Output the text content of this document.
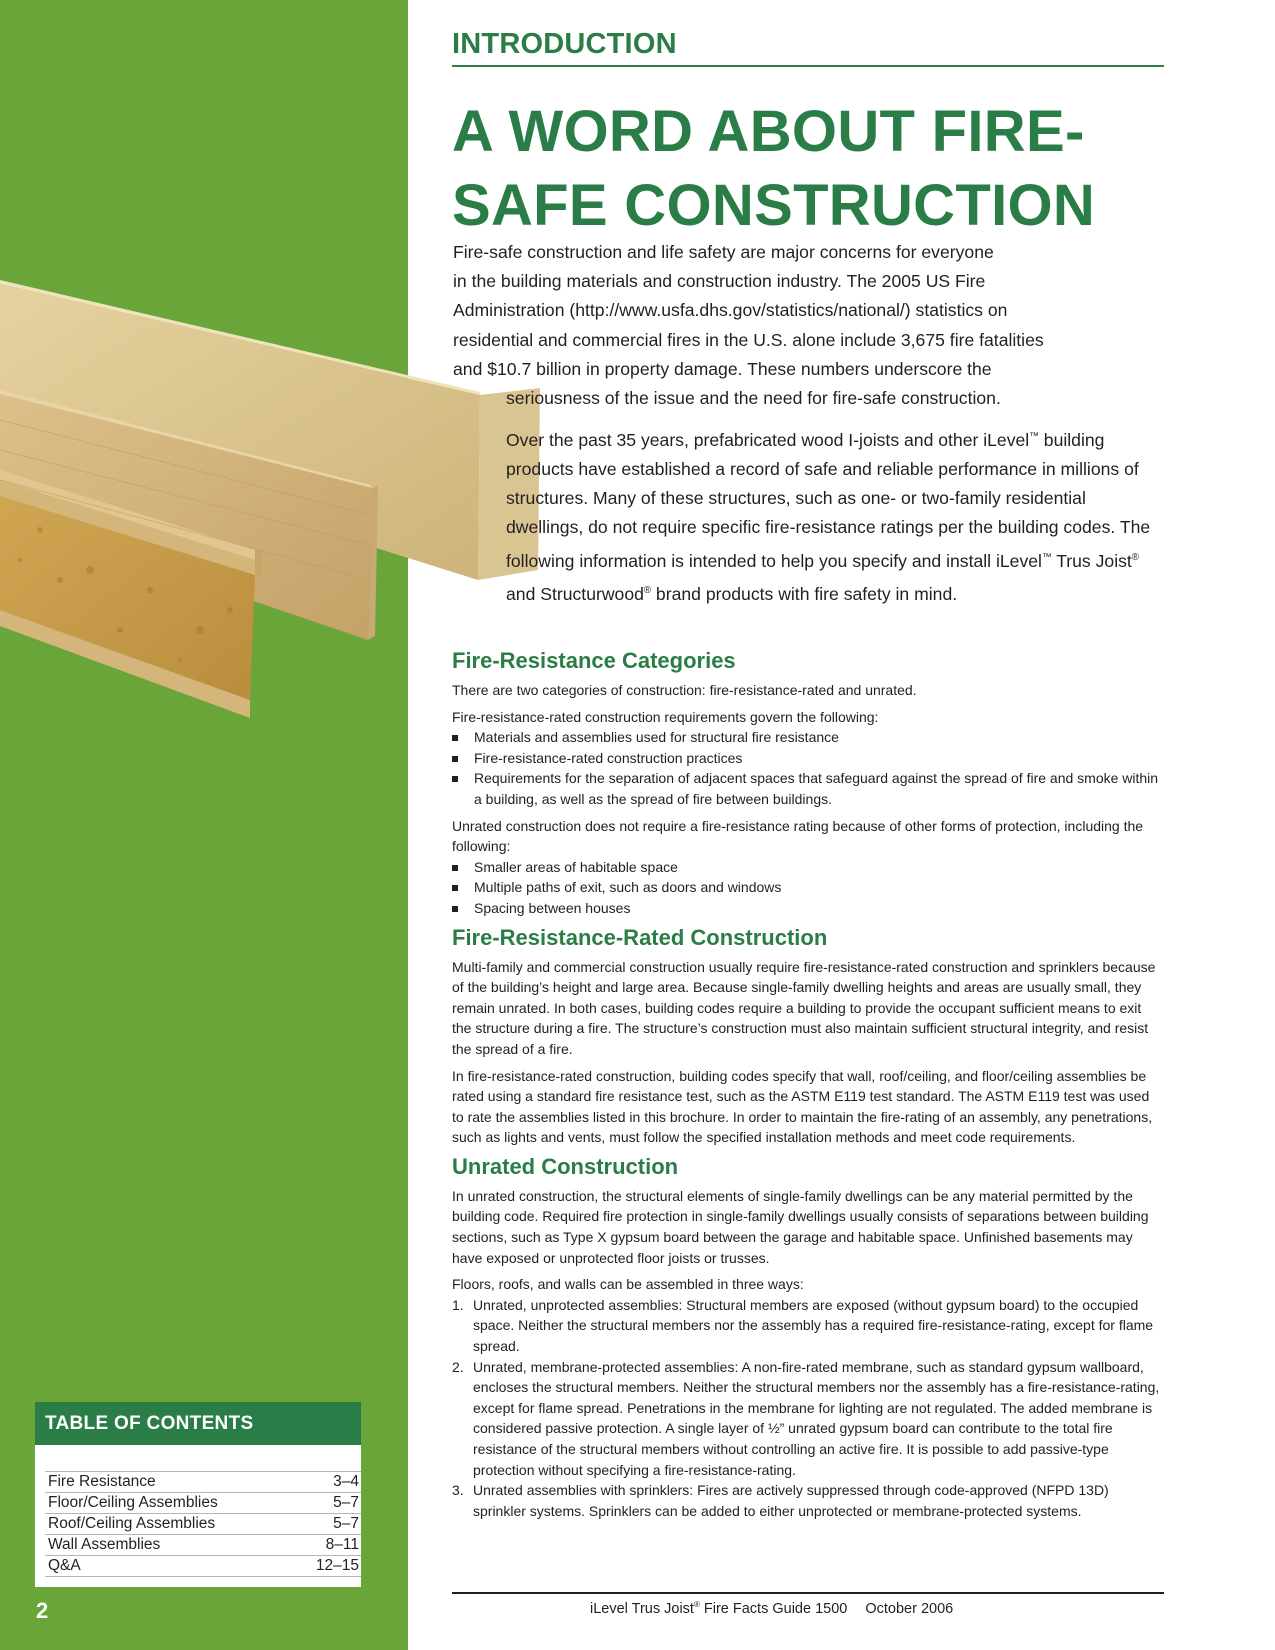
INTRODUCTION
A WORD ABOUT FIRE-SAFE CONSTRUCTION

Fire-safe construction and life safety are major concerns for everyone
in the building materials and construction industry. The 2005 US Fire
Administration (http://www.usfa.dhs.gov/statistics/national/) statistics on
residential and commercial fires in the U.S. alone include 3,675 fire fatalities
and $10.7 billion in property damage. These numbers underscore the
seriousness of the issue and the need for fire-safe construction.

Over the past 35 years, prefabricated wood I-joists and other iLevel™ building products have established a record of safe and reliable performance in millions of structures. Many of these structures, such as one- or two-family residential dwellings, do not require specific fire-resistance ratings per the building codes. The following information is intended to help you specify and install iLevel™ Trus Joist® and Structurwood® brand products with fire safety in mind.

Fire-Resistance Categories

There are two categories of construction: fire-resistance-rated and unrated.

Fire-resistance-rated construction requirements govern the following:

Materials and assemblies used for structural fire resistance
Fire-resistance-rated construction practices
Requirements for the separation of adjacent spaces that safeguard against the spread of fire and smoke within a building, as well as the spread of fire between buildings.

Unrated construction does not require a fire-resistance rating because of other forms of protection, including the following:

Smaller areas of habitable space
Multiple paths of exit, such as doors and windows
Spacing between houses
Fire-Resistance-Rated Construction

Multi-family and commercial construction usually require fire-resistance-rated construction and sprinklers because of the building’s height and large area. Because single-family dwelling heights and areas are usually small, they remain unrated. In both cases, building codes require a building to provide the occupant sufficient means to exit the structure during a fire. The structure’s construction must also maintain sufficient structural integrity, and resist the spread of a fire.

In fire-resistance-rated construction, building codes specify that wall, roof/ceiling, and floor/ceiling assemblies be rated using a standard fire resistance test, such as the ASTM E119 test standard. The ASTM E119 test was used to rate the assemblies listed in this brochure. In order to maintain the fire-rating of an assembly, any penetrations, such as lights and vents, must follow the specified installation methods and meet code requirements.

Unrated Construction

In unrated construction, the structural elements of single-family dwellings can be any material permitted by the building code. Required fire protection in single-family dwellings usually consists of separations between building sections, such as Type X gypsum board between the garage and habitable space. Unfinished basements may have exposed or unprotected floor joists or trusses.

Floors, roofs, and walls can be assembled in three ways:

1. Unrated, unprotected assemblies: Structural members are exposed (without gypsum board) to the occupied space. Neither the structural members nor the assembly has a required fire-resistance-rating, except for flame spread.
2. Unrated, membrane-protected assemblies: A non-fire-rated membrane, such as standard gypsum wallboard, encloses the structural members. Neither the structural members nor the assembly has a fire-resistance-rating, except for flame spread. Penetrations in the membrane for lighting are not regulated. The added membrane is considered passive protection. A single layer of ½” unrated gypsum board can contribute to the total fire resistance of the structural members without controlling an active fire. It is possible to add passive-type protection without specifying a fire-resistance-rating.
3. Unrated assemblies with sprinklers: Fires are actively suppressed through code-approved (NFPD 13D) sprinkler systems. Sprinklers can be added to either unprotected or membrane-protected systems.
TABLE OF CONTENTS
Fire Resistance	3–4
Floor/Ceiling Assemblies	5–7
Roof/Ceiling Assemblies	5–7
Wall Assemblies	8–11
Q&A	12–15
2	iLevel Trus Joist® Fire Facts Guide 1500 October 2006
